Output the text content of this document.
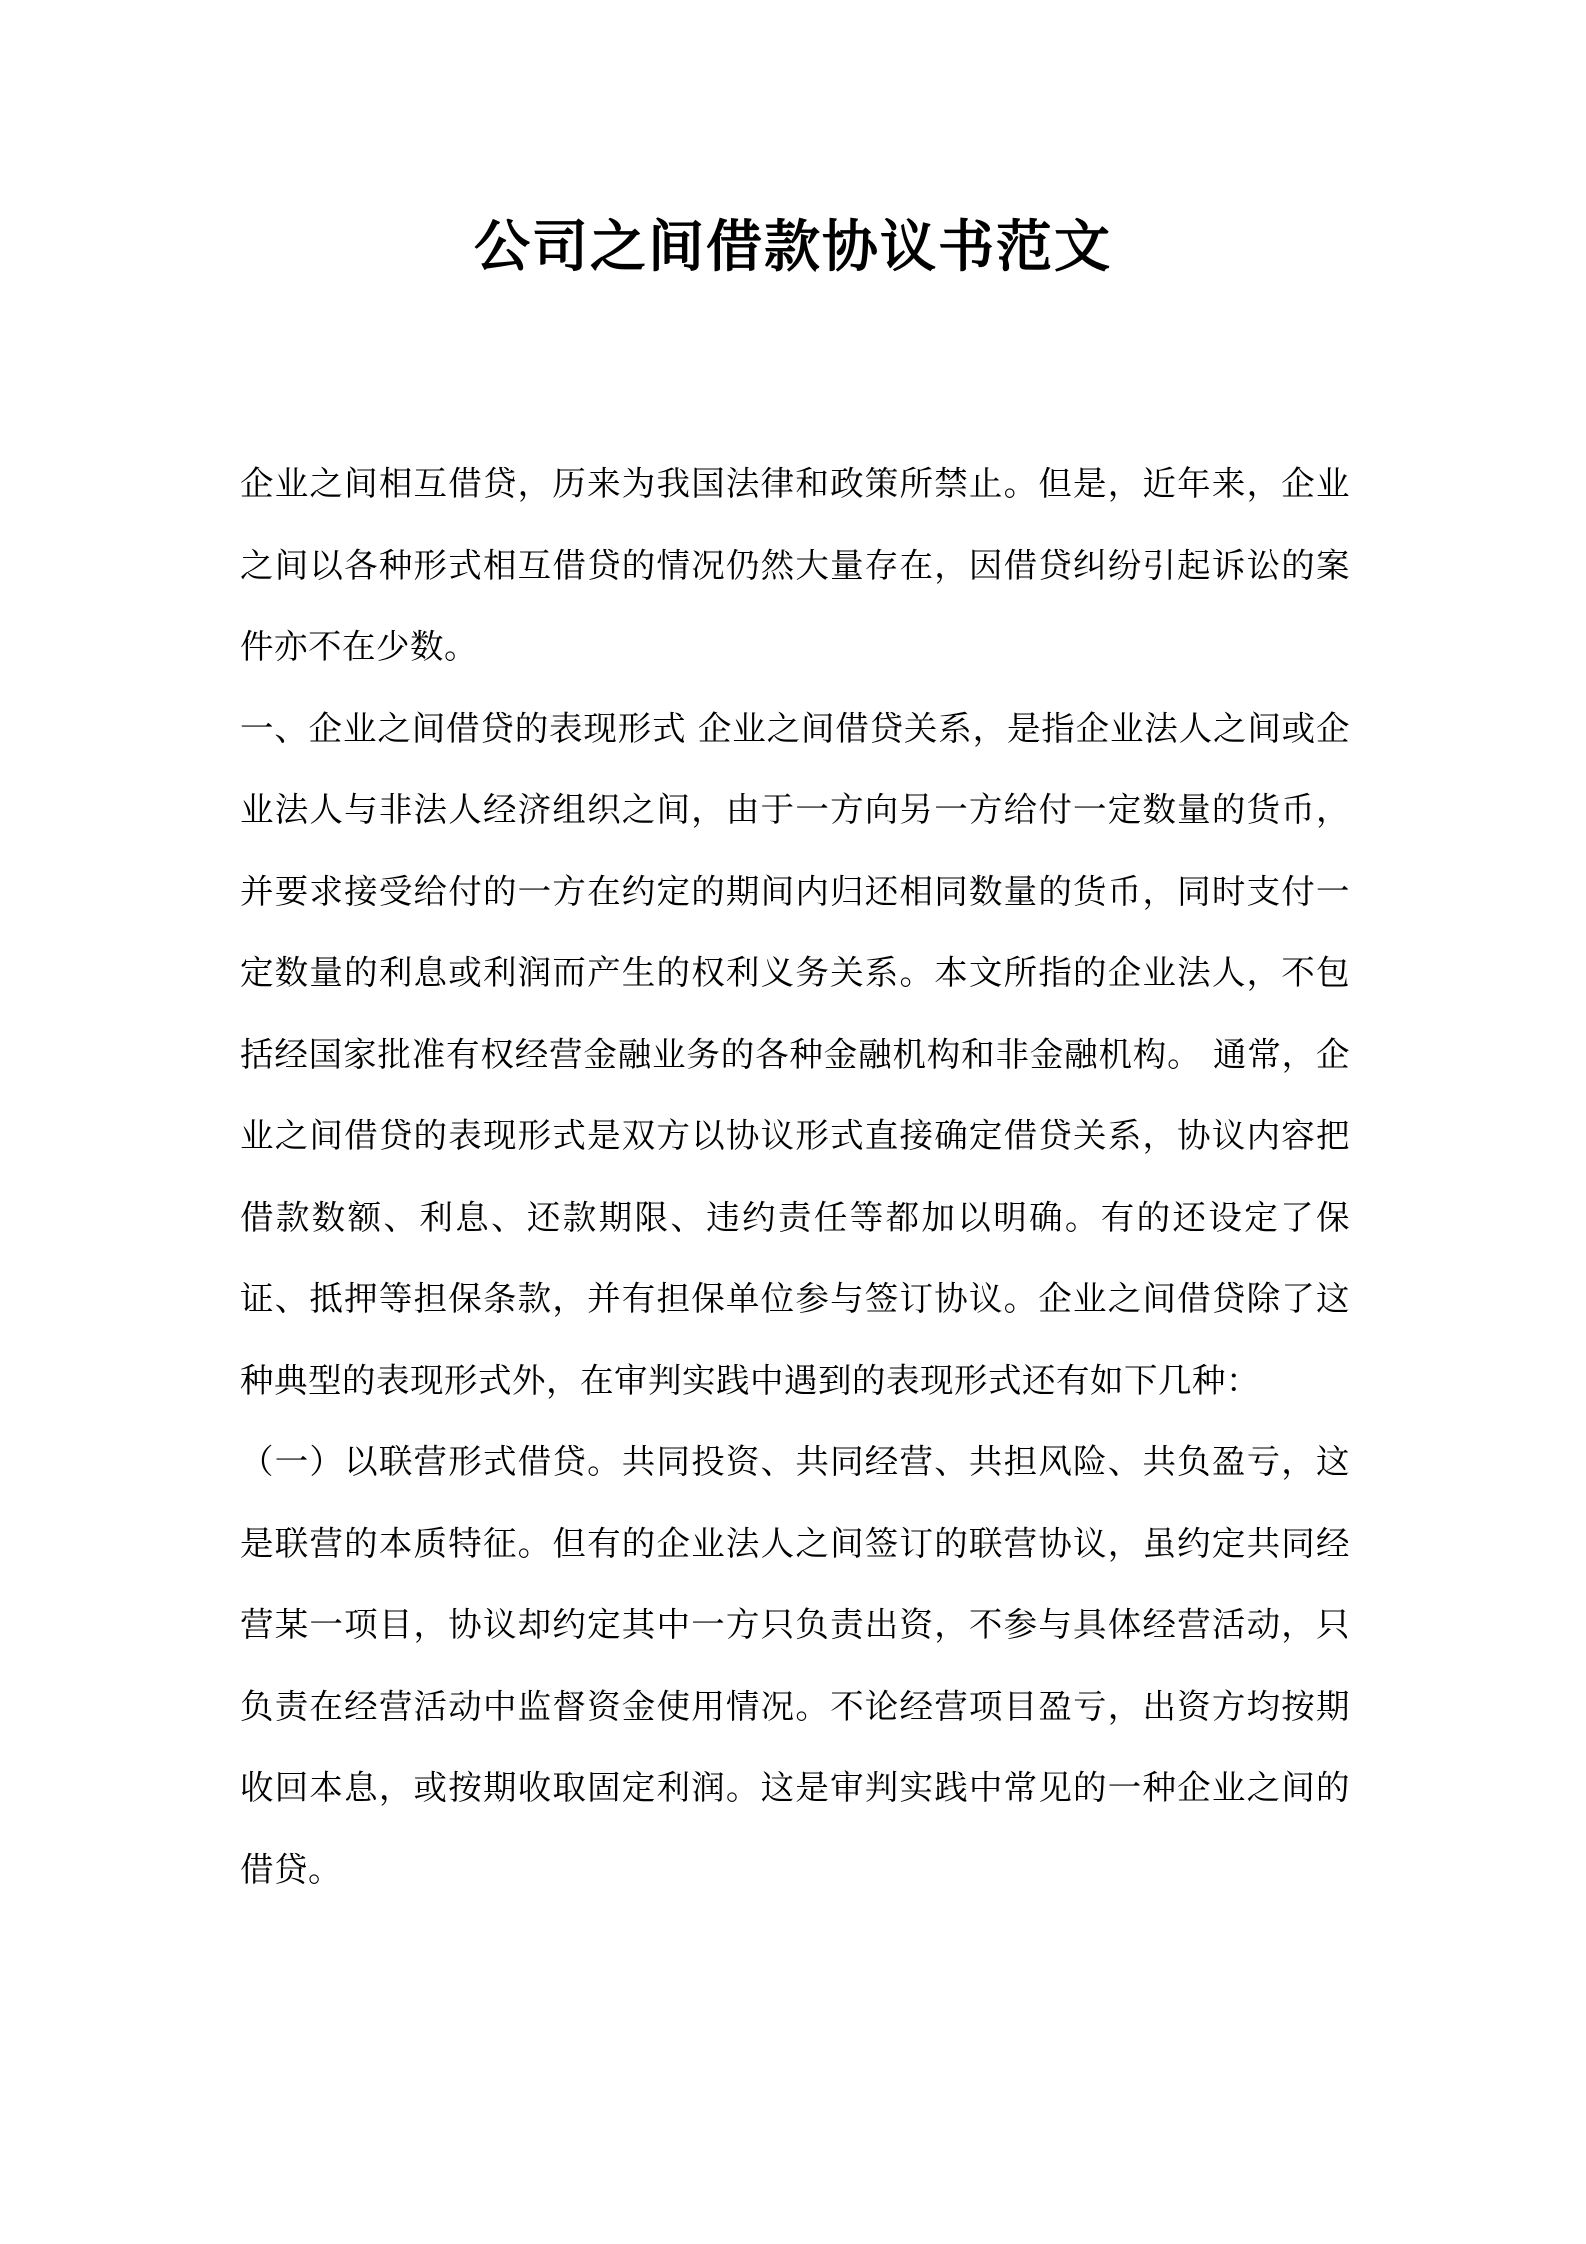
公司之间借款协议书范文

企业之间相互借贷，历来为我国法律和政策所禁止。但是，近年来，企业之间以各种形式相互借贷的情况仍然大量存在，因借贷纠纷引起诉讼的案件亦不在少数。

一、企业之间借贷的表现形式 企业之间借贷关系，是指企业法人之间或企业法人与非法人经济组织之间，由于一方向另一方给付一定数量的货币，并要求接受给付的一方在约定的期间内归还相同数量的货币，同时支付一定数量的利息或利润而产生的权利义务关系。本文所指的企业法人，不包括经国家批准有权经营金融业务的各种金融机构和非金融机构。 通常，企业之间借贷的表现形式是双方以协议形式直接确定借贷关系，协议内容把借款数额、利息、还款期限、违约责任等都加以明确。有的还设定了保证、抵押等担保条款，并有担保单位参与签订协议。企业之间借贷除了这种典型的表现形式外，在审判实践中遇到的表现形式还有如下几种：

（一）以联营形式借贷。共同投资、共同经营、共担风险、共负盈亏，这是联营的本质特征。但有的企业法人之间签订的联营协议，虽约定共同经营某一项目，协议却约定其中一方只负责出资，不参与具体经营活动，只负责在经营活动中监督资金使用情况。不论经营项目盈亏，出资方均按期收回本息，或按期收取固定利润。这是审判实践中常见的一种企业之间的借贷。
